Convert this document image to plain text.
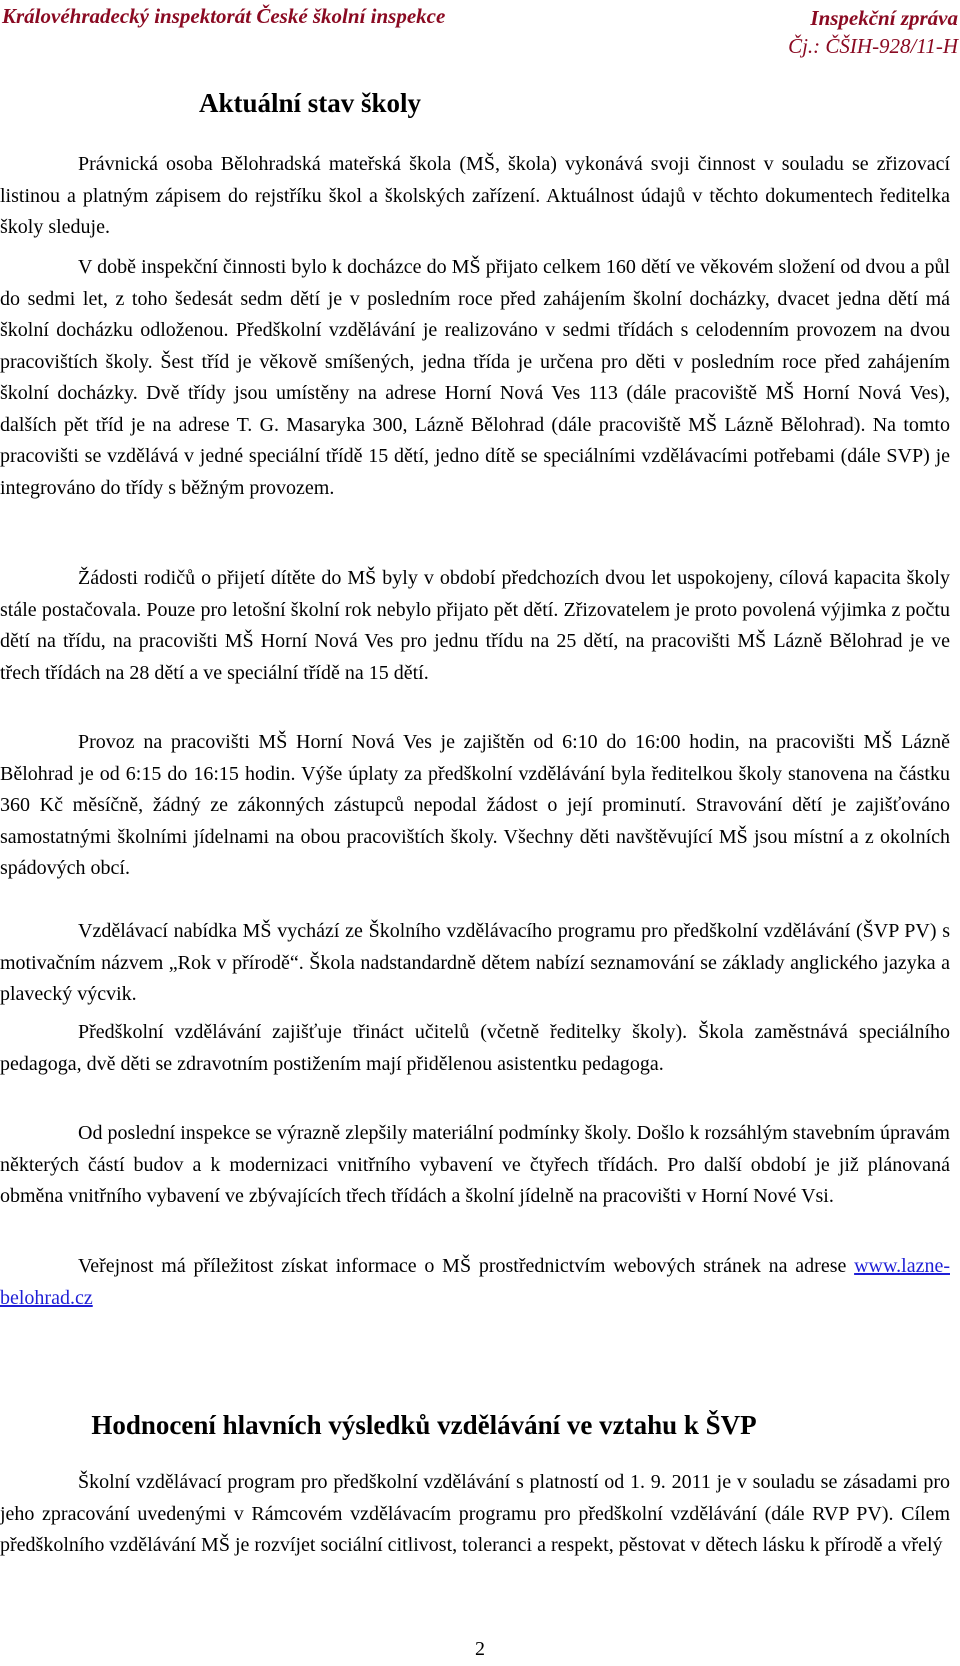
Královéhradecký inspektorát České školní inspekce	Inspekční zpráva
Čj.: ČŠIH-928/11-H
Aktuální stav školy

Právnická osoba Bělohradská mateřská škola (MŠ, škola) vykonává svoji činnost v souladu se zřizovací listinou a platným zápisem do rejstříku škol a školských zařízení. Aktuálnost údajů v těchto dokumentech ředitelka školy sleduje.

V době inspekční činnosti bylo k docházce do MŠ přijato celkem 160 dětí ve věkovém složení od dvou a půl do sedmi let, z toho šedesát sedm dětí je v posledním roce před zahájením školní docházky, dvacet jedna dětí má školní docházku odloženou. Předškolní vzdělávání je realizováno v sedmi třídách s celodenním provozem na dvou pracovištích školy. Šest tříd je věkově smíšených, jedna třída je určena pro děti v posledním roce před zahájením školní docházky. Dvě třídy jsou umístěny na adrese Horní Nová Ves 113 (dále pracoviště MŠ Horní Nová Ves), dalších pět tříd je na adrese T. G. Masaryka 300, Lázně Bělohrad (dále pracoviště MŠ Lázně Bělohrad). Na tomto pracovišti se vzdělává v jedné speciální třídě 15 dětí, jedno dítě se speciálními vzdělávacími potřebami (dále SVP) je integrováno do třídy s běžným provozem.

Žádosti rodičů o přijetí dítěte do MŠ byly v období předchozích dvou let uspokojeny, cílová kapacita školy stále postačovala. Pouze pro letošní školní rok nebylo přijato pět dětí. Zřizovatelem je proto povolená výjimka z počtu dětí na třídu, na pracovišti MŠ Horní Nová Ves pro jednu třídu na 25 dětí, na pracovišti MŠ Lázně Bělohrad je ve třech třídách na 28 dětí a ve speciální třídě na 15 dětí.

Provoz na pracovišti MŠ Horní Nová Ves je zajištěn od 6:10 do 16:00 hodin, na pracovišti MŠ Lázně Bělohrad je od 6:15 do 16:15 hodin. Výše úplaty za předškolní vzdělávání byla ředitelkou školy stanovena na částku 360 Kč měsíčně, žádný ze zákonných zástupců nepodal žádost o její prominutí. Stravování dětí je zajišťováno samostatnými školními jídelnami na obou pracovištích školy. Všechny děti navštěvující MŠ jsou místní a z okolních spádových obcí.

Vzdělávací nabídka MŠ vychází ze Školního vzdělávacího programu pro předškolní vzdělávání (ŠVP PV) s motivačním názvem „Rok v přírodě“. Škola nadstandardně dětem nabízí seznamování se základy anglického jazyka a plavecký výcvik.

Předškolní vzdělávání zajišťuje třináct učitelů (včetně ředitelky školy). Škola zaměstnává speciálního pedagoga, dvě děti se zdravotním postižením mají přidělenou asistentku pedagoga.

Od poslední inspekce se výrazně zlepšily materiální podmínky školy. Došlo k rozsáhlým stavebním úpravám některých částí budov a k modernizaci vnitřního vybavení ve čtyřech třídách. Pro další období je již plánovaná obměna vnitřního vybavení ve zbývajících třech třídách a školní jídelně na pracovišti v Horní Nové Vsi.

Veřejnost má příležitost získat informace o MŠ prostřednictvím webových stránek na adrese www.lazne-belohrad.cz

Hodnocení hlavních výsledků vzdělávání ve vztahu k ŠVP

Školní vzdělávací program pro předškolní vzdělávání s platností od 1. 9. 2011 je v souladu se zásadami pro jeho zpracování uvedenými v Rámcovém vzdělávacím programu pro předškolní vzdělávání (dále RVP PV). Cílem předškolního vzdělávání MŠ je rozvíjet sociální citlivost, toleranci a respekt, pěstovat v dětech lásku k přírodě a vřelý

2
